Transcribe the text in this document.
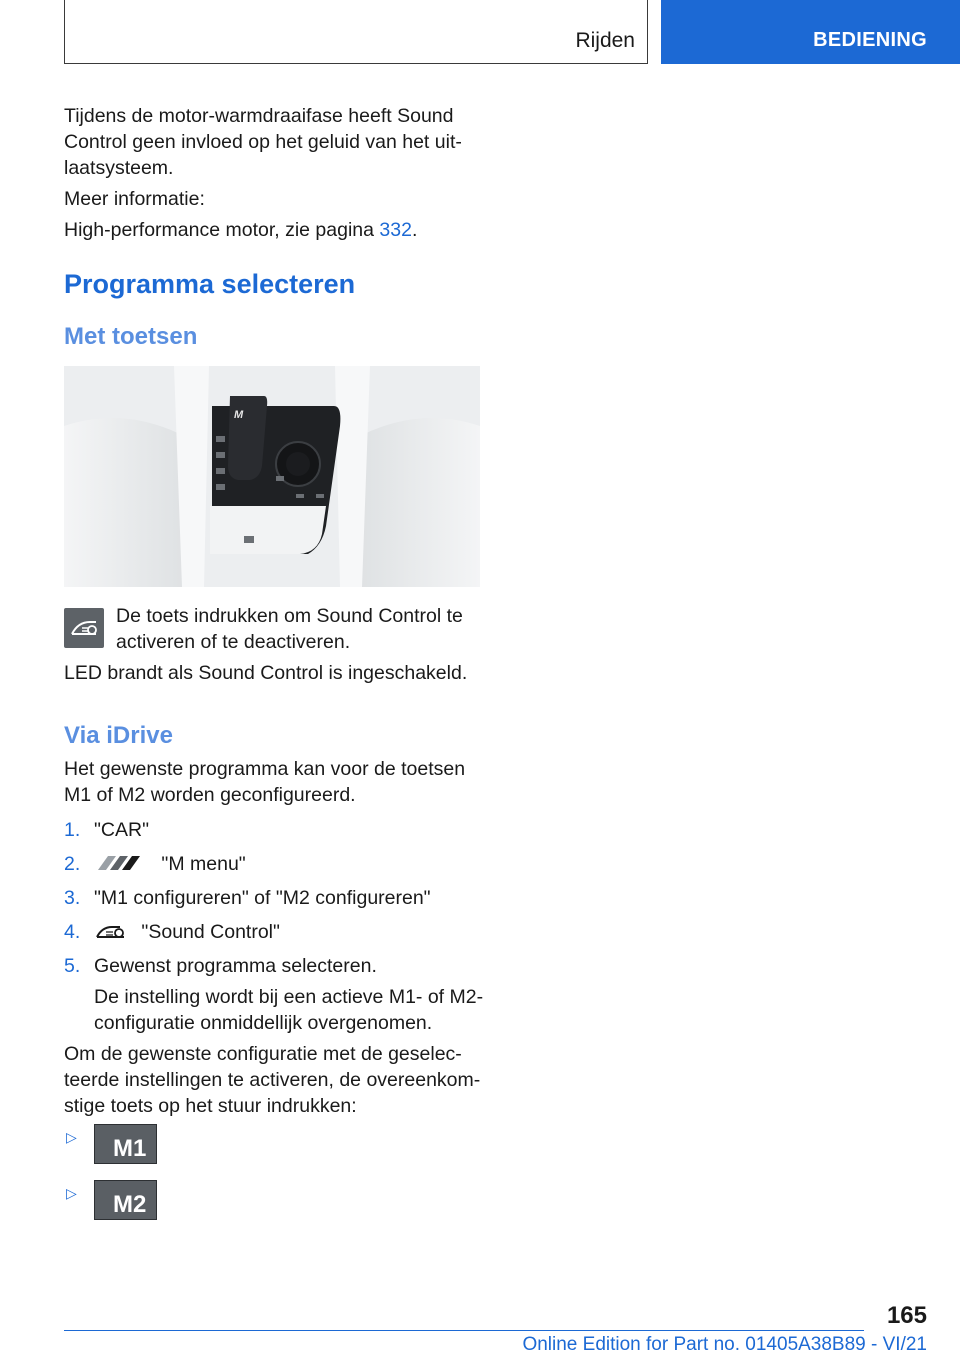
Rijden	BEDIENING

Tijdens de motor-warmdraaifase heeft Sound

Control geen invloed op het geluid van het uit-

laatsysteem.

Meer informatie:

High-performance motor, zie pagina 332.

Programma selecteren
Met toetsen
M

De toets indrukken om Sound Control te

activeren of te deactiveren.

LED brandt als Sound Control is ingeschakeld.

Via iDrive

Het gewenste programma kan voor de toetsen

M1 of M2 worden geconfigureerd.

1. "CAR"
2.	"M menu"
3. "M1 configureren" of "M2 configureren"
4.	"Sound Control"
5. Gewenst programma selecteren.

De instelling wordt bij een actieve M1- of M2-

configuratie onmiddellijk overgenomen.

Om de gewenste configuratie met de geselec-

teerde instellingen te activeren, de overeenkom-

stige toets op het stuur indrukken:

▷ M1
▷ M2
165
Online Edition for Part no. 01405A38B89 - VI/21
